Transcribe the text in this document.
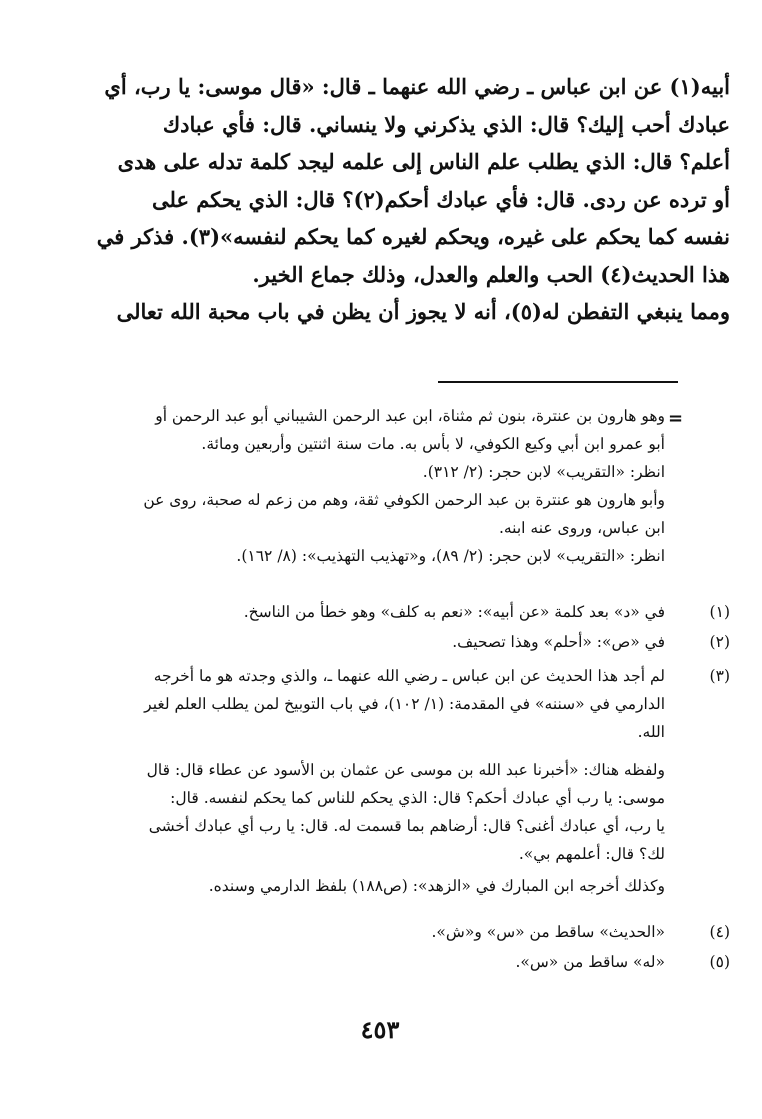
أبيه(١) عن ابن عباس ـ رضي الله عنهما ـ قال: «قال موسى: يا رب، أي

عبادك أحب إليك؟ قال: الذي يذكرني ولا ينساني. قال: فأي عبادك

أعلم؟ قال: الذي يطلب علم الناس إلى علمه ليجد كلمة تدله على هدى

أو ترده عن ردى. قال: فأي عبادك أحكم(٢)؟ قال: الذي يحكم على

نفسه كما يحكم على غيره، ويحكم لغيره كما يحكم لنفسه»(٣). فذكر في

هذا الحديث(٤) الحب والعلم والعدل، وذلك جماع الخير.

ومما ينبغي التفطن له(٥)، أنه لا يجوز أن يظن في باب محبة الله تعالى

=
وهو هارون بن عنترة، بنون ثم مثناة، ابن عبد الرحمن الشيباني أبو عبد الرحمن أو
أبو عمرو ابن أبي وكيع الكوفي، لا بأس به. مات سنة اثنتين وأربعين ومائة.
انظر: «التقريب» لابن حجر: (٢/ ٣١٢).
وأبو هارون هو عنترة بن عبد الرحمن الكوفي ثقة، وهم من زعم له صحبة، روى عن
ابن عباس، وروى عنه ابنه.
انظر: «التقريب» لابن حجر: (٢/ ٨٩)، و«تهذيب التهذيب»: (٨/ ١٦٢).
(١)
في «د» بعد كلمة «عن أبيه»: «نعم به كلف» وهو خطأ من الناسخ.
(٢)
في «ص»: «أحلم» وهذا تصحيف.
(٣)
لم أجد هذا الحديث عن ابن عباس ـ رضي الله عنهما ـ، والذي وجدته هو ما أخرجه
الدارمي في «سننه» في المقدمة: (١/ ١٠٢)، في باب التوبيخ لمن يطلب العلم لغير
الله.
ولفظه هناك: «أخبرنا عبد الله بن موسى عن عثمان بن الأسود عن عطاء قال: قال
موسى: يا رب أي عبادك أحكم؟ قال: الذي يحكم للناس كما يحكم لنفسه. قال:
يا رب، أي عبادك أغنى؟ قال: أرضاهم بما قسمت له. قال: يا رب أي عبادك أخشى
لك؟ قال: أعلمهم بي».
وكذلك أخرجه ابن المبارك في «الزهد»: (ص١٨٨) بلفظ الدارمي وسنده.
(٤)
«الحديث» ساقط من «س» و«ش».
(٥)
«له» ساقط من «س».
٤٥٣
